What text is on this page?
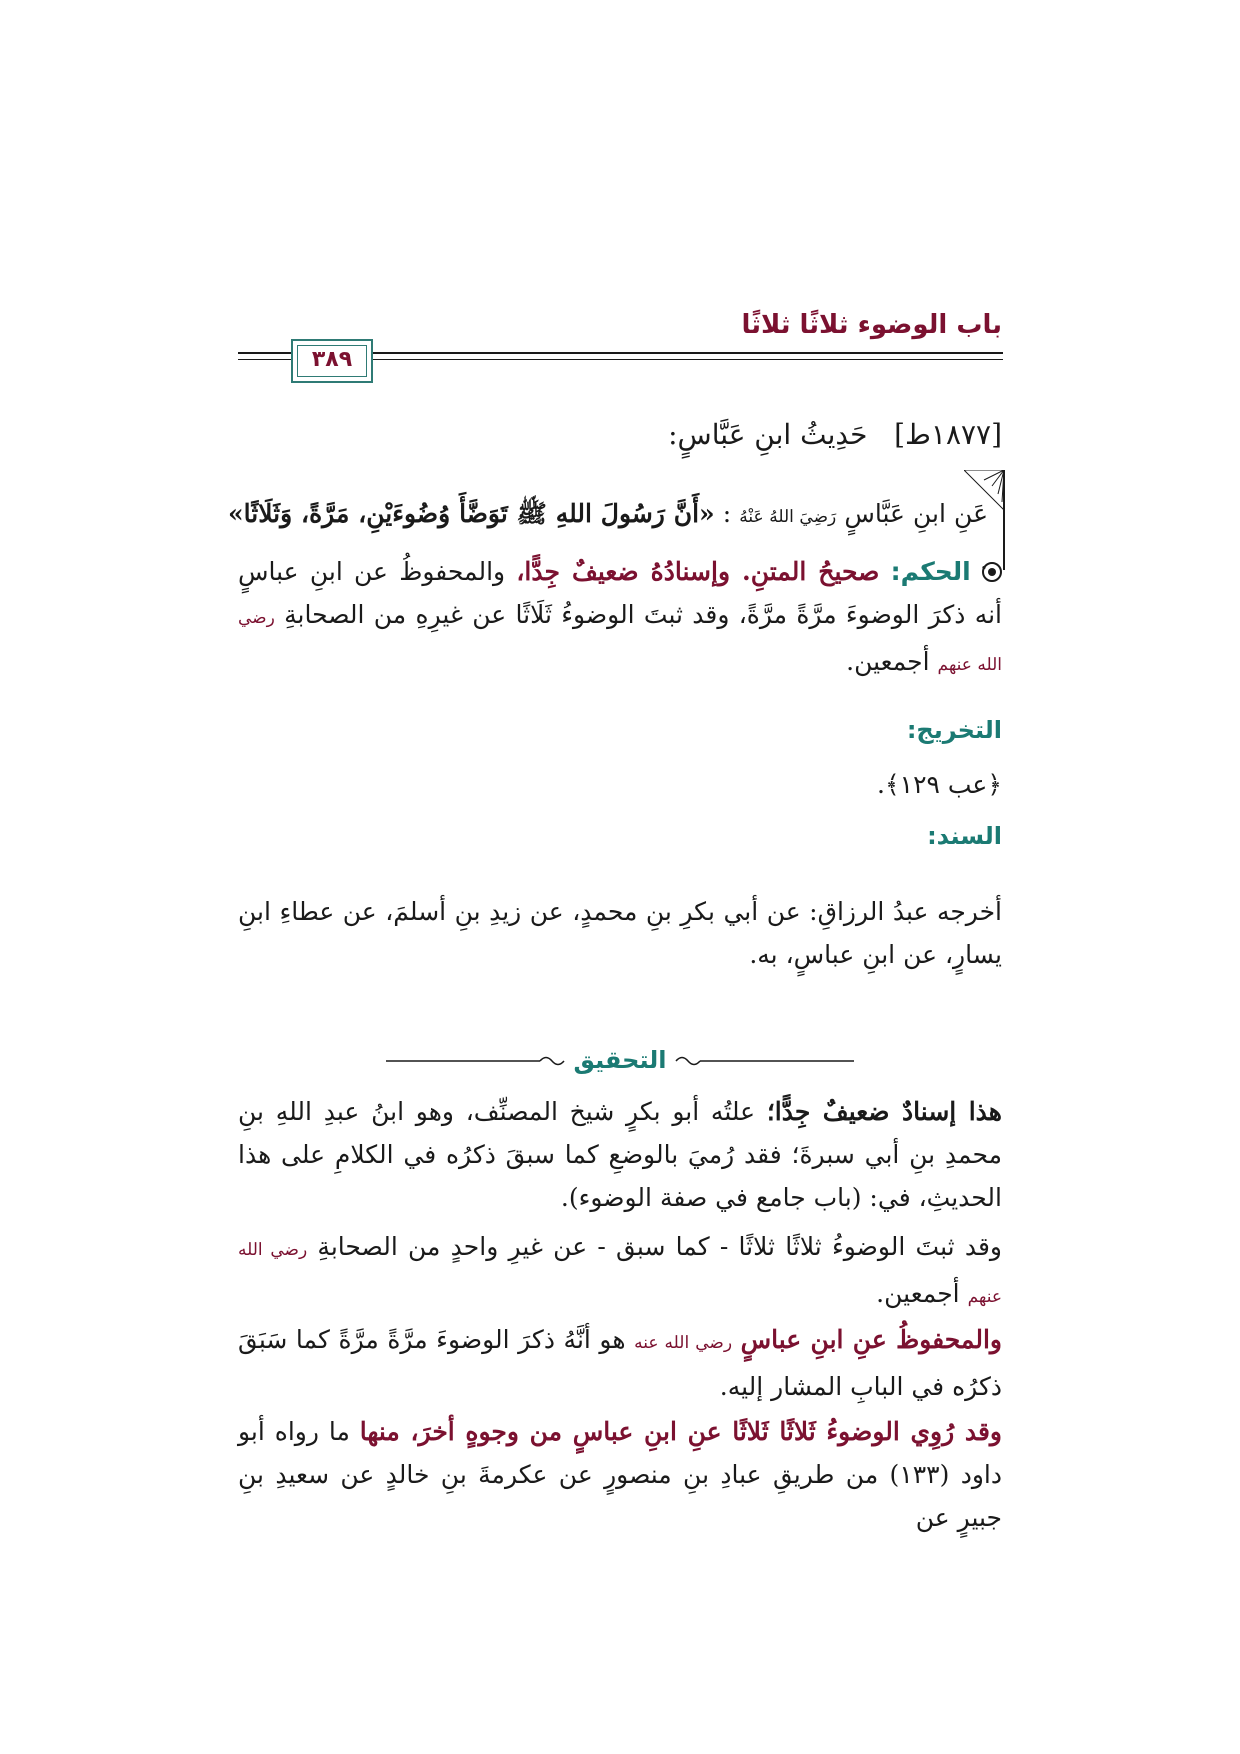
باب الوضوء ثلاثًا ثلاثًا
٣٨٩
[١٨٧٧ط]   حَدِيثُ ابنِ عَبَّاسٍ:
عَنِ ابنِ عَبَّاسٍ رَضِيَ اللهُ عَنْهُ : «أَنَّ رَسُولَ اللهِ ﷺ تَوَضَّأَ وُضُوءَيْنِ، مَرَّةً، وَثَلَاثًا» .
الحكم: صحيحُ المتنِ. وإسنادُهُ ضعيفٌ جِدًّا، والمحفوظُ عن ابنِ عباسٍ أنه ذكرَ الوضوءَ مرَّةً مرَّةً، وقد ثبتَ الوضوءُ ثَلَاثًا عن غيرِهِ من الصحابةِ رضي الله عنهم أجمعين.
التخريج:
﴿عب ١٢٩﴾.
السند:
أخرجه عبدُ الرزاقِ: عن أبي بكرِ بنِ محمدٍ، عن زيدِ بنِ أسلمَ، عن عطاءِ ابنِ يسارٍ، عن ابنِ عباسٍ، به.
التحقيق
هذا إسنادٌ ضعيفٌ جِدًّا؛ علتُه أبو بكرٍ شيخ المصنِّف، وهو ابنُ عبدِ اللهِ بنِ محمدِ بنِ أبي سبرةَ؛ فقد رُميَ بالوضعِ كما سبقَ ذكرُه في الكلامِ على هذا الحديثِ، في: (باب جامع في صفة الوضوء).
وقد ثبتَ الوضوءُ ثلاثًا ثلاثًا - كما سبق - عن غيرِ واحدٍ من الصحابةِ رضي الله عنهم أجمعين.
والمحفوظُ عنِ ابنِ عباسٍ رضي الله عنه هو أنَّهُ ذكرَ الوضوءَ مرَّةً مرَّةً كما سَبَقَ ذكرُه في البابِ المشار إليه.
وقد رُوِي الوضوءُ ثَلاثًا ثَلاثًا عنِ ابنِ عباسٍ من وجوهٍ أخرَ، منها ما رواه أبو داود (١٣٣) من طريقِ عبادِ بنِ منصورٍ عن عكرمةَ بنِ خالدٍ عن سعيدِ بنِ جبيرٍ عن
